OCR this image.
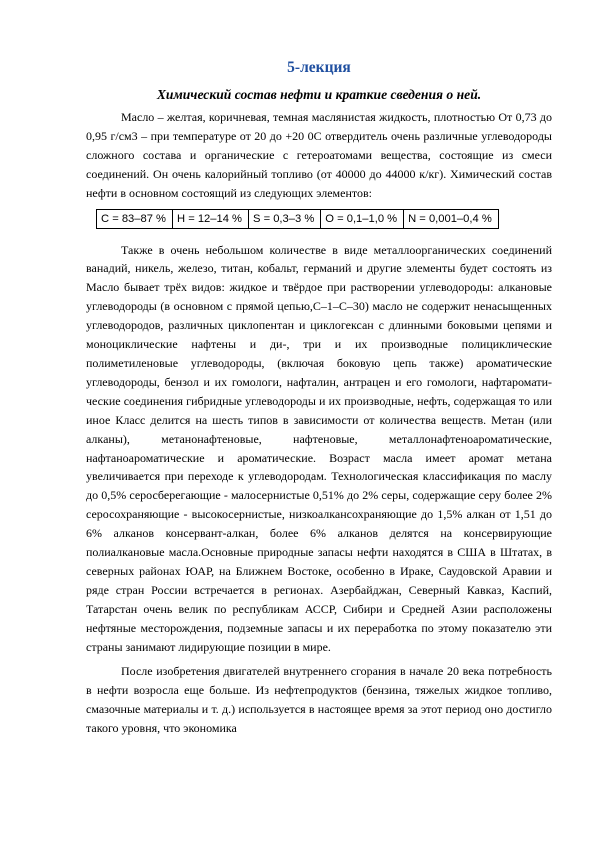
5-лекция
Химический состав нефти и краткие сведения о ней.

Масло – желтая, коричневая, темная маслянистая жидкость, плотностью От 0,73 до 0,95 г/см3 – при температуре от 20 до +20 0С отвердитель очень различные углеводороды сложного состава и органические с гетероатомами вещества, состоящие из смеси соединений. Он очень калорийный топливо (от 40000 до 44000 к/кг). Химический состав нефти в основном состоящий из следующих элементов:

C = 83–87 %	H = 12–14 %	S = 0,3–3 %	O = 0,1–1,0 %	N = 0,001–0,4 %

Также в очень небольшом количестве в виде металлоорганических соединений ванадий, никель, железо, титан, кобальт, германий и другие элементы будет состоять из Масло бывает трёх видов: жидкое и твёрдое при растворении углеводороды: алкановые углеводороды (в основном с прямой цепью,С–1–С–30) масло не содержит ненасыщенных углеводородов, различных циклопентан и циклогексан с длинными боковыми цепями и моноциклические нафтены и ди-, три и их производные полициклические полиметиленовые углеводороды, (включая боковую цепь также) ароматические углеводороды, бензол и их гомологи, нафталин, антрацен и его гомологи, нафтароматические соединения гибридные углеводороды и их производные, нефть, содержащая то или иное Класс делится на шесть типов в зависимости от количества веществ. Метан (или алканы), метанонафтеновые, нафтеновые, металлонафтеноароматические, нафтаноароматические и ароматические. Возраст масла имеет аромат метана увеличивается при переходе к углеводородам. Технологическая классификация по маслу до 0,5% серосберегающие - малосернистые 0,51% до 2% серы, содержащие серу более 2% серосохраняющие - высокосернистые, низкоалкансохраняющие до 1,5% алкан от 1,51 до 6% алканов консервант-алкан, более 6% алканов делятся на консервирующие полиалкановые масла.Основные природные запасы нефти находятся в США в Штатах, в северных районах ЮАР, на Ближнем Востоке, особенно в Ираке, Саудовской Аравии и ряде стран России встречается в регионах. Азербайджан, Северный Кавказ, Каспий, Татарстан очень велик по республикам АССР, Сибири и Средней Азии расположены нефтяные месторождения, подземные запасы и их переработка по этому показателю эти страны занимают лидирующие позиции в мире.

После изобретения двигателей внутреннего сгорания в начале 20 века потребность в нефти возросла еще больше. Из нефтепродуктов (бензина, тяжелых жидкое топливо, смазочные материалы и т. д.) используется в настоящее время за этот период оно достигло такого уровня, что экономика
